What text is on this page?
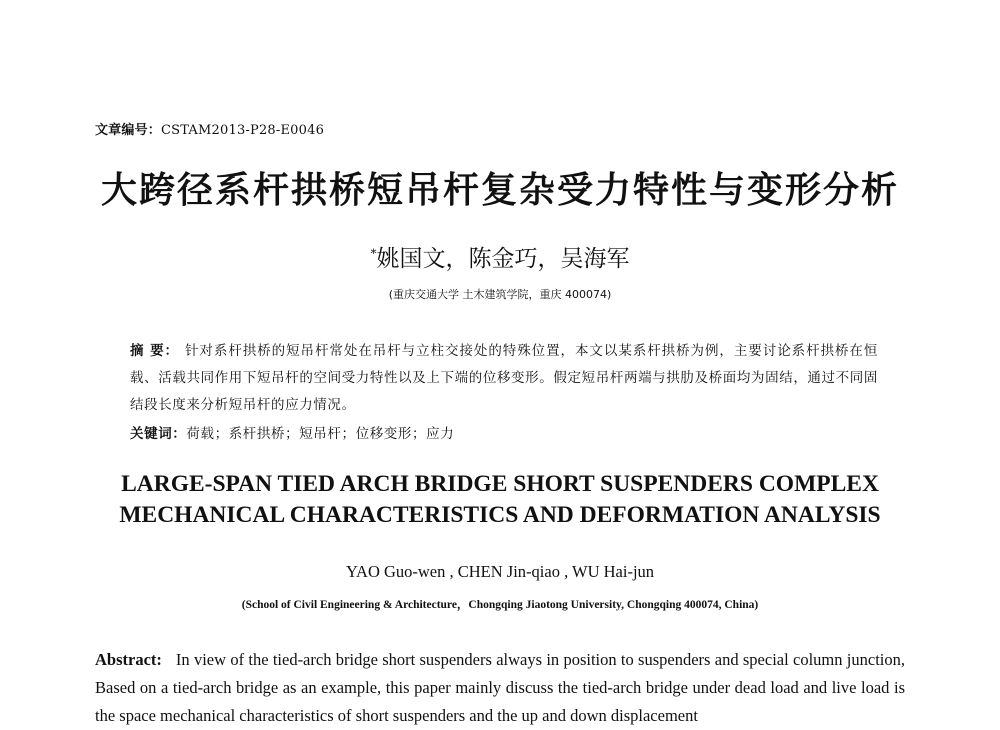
文章编号：CSTAM2013-P28-E0046
大跨径系杆拱桥短吊杆复杂受力特性与变形分析
*姚国文，陈金巧，吴海军
(重庆交通大学 土木建筑学院，重庆 400074)
摘 要： 针对系杆拱桥的短吊杆常处在吊杆与立柱交接处的特殊位置，本文以某系杆拱桥为例，主要讨论系杆拱桥在恒载、活载共同作用下短吊杆的空间受力特性以及上下端的位移变形。假定短吊杆两端与拱肋及桥面均为固结，通过不同固结段长度来分析短吊杆的应力情况。
关键词：荷载；系杆拱桥；短吊杆；位移变形；应力
LARGE-SPAN TIED ARCH BRIDGE SHORT SUSPENDERS COMPLEX
MECHANICAL CHARACTERISTICS AND DEFORMATION ANALYSIS
YAO Guo-wen , CHEN Jin-qiao , WU Hai-jun
(School of Civil Engineering & Architecture，Chongqing Jiaotong University, Chongqing 400074, China)
Abstract: In view of the tied-arch bridge short suspenders always in position to suspenders and special column junction, Based on a tied-arch bridge as an example, this paper mainly discuss the tied-arch bridge under dead load and live load is the space mechanical characteristics of short suspenders and the up and down displacement
